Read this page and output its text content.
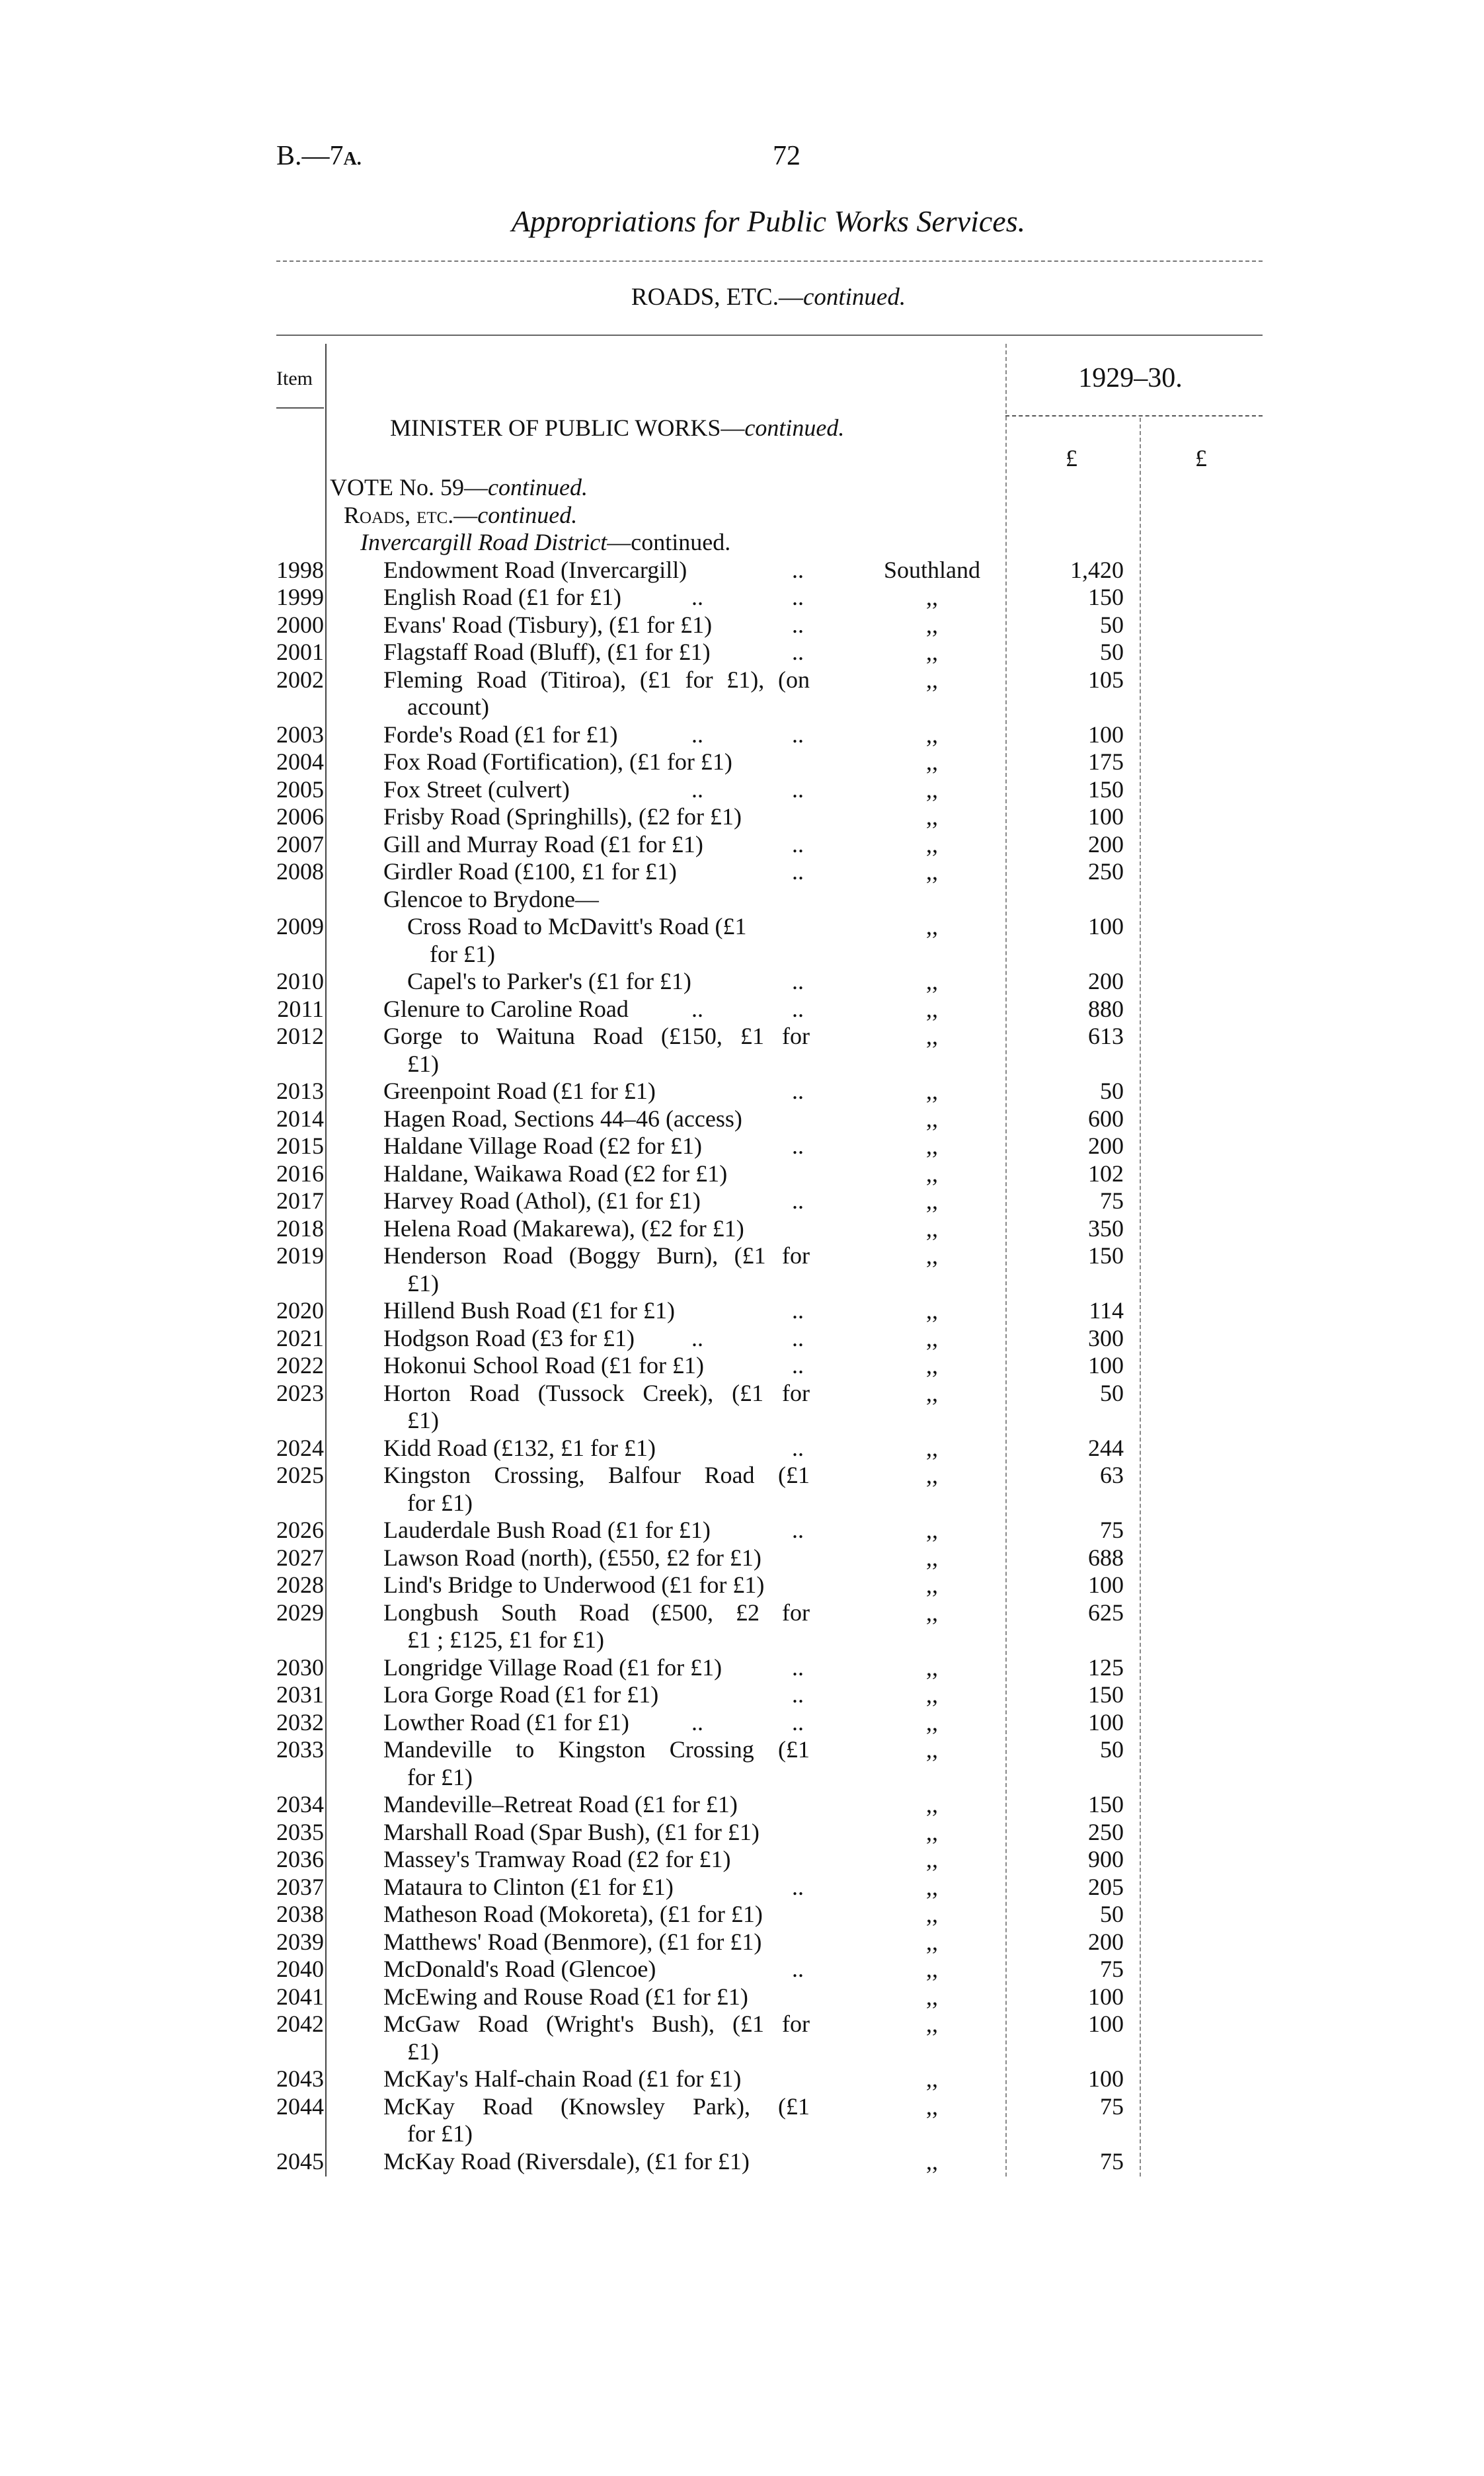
B.—7A.	72
Appropriations for Public Works Services.
ROADS, ETC.—continued.
Item	1929–30.
£	£
MINISTER OF PUBLIC WORKS—continued.
VOTE No. 59—continued.
Roads, etc.—continued.
Invercargill Road District—continued.
1998	Endowment Road (Invercargill)	..	Southland	1,420
1999	English Road (£1 for £1)	..	..	,,	150
2000	Evans' Road (Tisbury), (£1 for £1)	..	,,	50
2001	Flagstaff Road (Bluff), (£1 for £1)	..	,,	50
2002	Fleming Road (Titiroa), (£1 for £1), (on	,,	105
account)
2003	Forde's Road (£1 for £1)	..	..	,,	100
2004	Fox Road (Fortification), (£1 for £1)	,,	175
2005	Fox Street (culvert)	..	..	,,	150
2006	Frisby Road (Springhills), (£2 for £1)	,,	100
2007	Gill and Murray Road (£1 for £1)	..	,,	200
2008	Girdler Road (£100, £1 for £1)	..	,,	250
Glencoe to Brydone—
2009	Cross Road to McDavitt's Road (£1	,,	100
for £1)
2010	Capel's to Parker's (£1 for £1)	..	,,	200
2011	Glenure to Caroline Road	..	..	,,	880
2012	Gorge to Waituna Road (£150, £1 for	,,	613
£1)
2013	Greenpoint Road (£1 for £1)	..	,,	50
2014	Hagen Road, Sections 44–46 (access)	,,	600
2015	Haldane Village Road (£2 for £1)	..	,,	200
2016	Haldane, Waikawa Road (£2 for £1)	,,	102
2017	Harvey Road (Athol), (£1 for £1)	..	,,	75
2018	Helena Road (Makarewa), (£2 for £1)	,,	350
2019	Henderson Road (Boggy Burn), (£1 for	,,	150
£1)
2020	Hillend Bush Road (£1 for £1)	..	,,	114
2021	Hodgson Road (£3 for £1) ..	..	,,	300
2022	Hokonui School Road (£1 for £1)	..	,,	100
2023	Horton Road (Tussock Creek), (£1 for	,,	50
£1)
2024	Kidd Road (£132, £1 for £1)	..	,,	244
2025	Kingston Crossing, Balfour Road (£1	,,	63
for £1)
2026	Lauderdale Bush Road (£1 for £1)	..	,,	75
2027	Lawson Road (north), (£550, £2 for £1)	,,	688
2028	Lind's Bridge to Underwood (£1 for £1)	,,	100
2029	Longbush South Road (£500, £2 for	,,	625
£1 ; £125, £1 for £1)
2030	Longridge Village Road (£1 for £1)	..	,,	125
2031	Lora Gorge Road (£1 for £1)	..	,,	150
2032	Lowther Road (£1 for £1)	..	..	,,	100
2033	Mandeville to Kingston Crossing (£1	,,	50
for £1)
2034	Mandeville–Retreat Road (£1 for £1)	,,	150
2035	Marshall Road (Spar Bush), (£1 for £1)	,,	250
2036	Massey's Tramway Road (£2 for £1)	,,	900
2037	Mataura to Clinton (£1 for £1)	..	,,	205
2038	Matheson Road (Mokoreta), (£1 for £1)	,,	50
2039	Matthews' Road (Benmore), (£1 for £1)	,,	200
2040	McDonald's Road (Glencoe)	..	,,	75
2041	McEwing and Rouse Road (£1 for £1)	,,	100
2042	McGaw Road (Wright's Bush), (£1 for	,,	100
£1)
2043	McKay's Half-chain Road (£1 for £1)	,,	100
2044	McKay Road (Knowsley Park), (£1	,,	75
for £1)
2045	McKay Road (Riversdale), (£1 for £1)	,,	75
